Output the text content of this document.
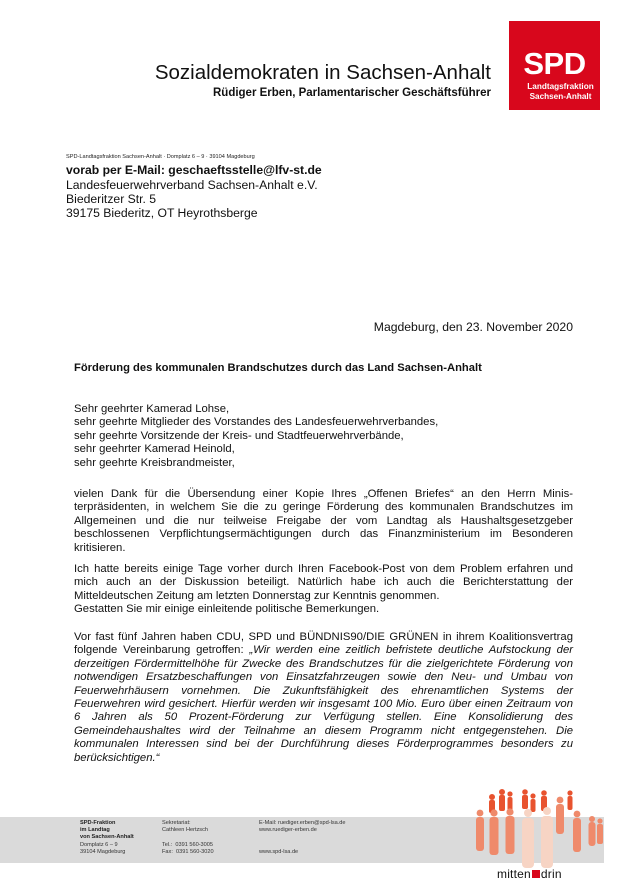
Sozialdemokraten in Sachsen-Anhalt
Rüdiger Erben, Parlamentarischer Geschäftsführer
SPD
Landtagsfraktion
Sachsen-Anhalt
SPD-Landtagsfraktion Sachsen-Anhalt · Domplatz 6 – 9 · 39104 Magdeburg
vorab per E-Mail: geschaeftsstelle@lfv-st.de
Landesfeuerwehrverband Sachsen-Anhalt e.V.
Biederitzer Str. 5
39175 Biederitz, OT Heyrothsberge
Magdeburg, den 23. November 2020
Förderung des kommunalen Brandschutzes durch das Land Sachsen-Anhalt
Sehr geehrter Kamerad Lohse,
sehr geehrte Mitglieder des Vorstandes des Landesfeuerwehrverbandes,
sehr geehrte Vorsitzende der Kreis- und Stadtfeuerwehrverbände,
sehr geehrter Kamerad Heinold,
sehr geehrte Kreisbrandmeister,
vielen Dank für die Übersendung einer Kopie Ihres „Offenen Briefes“ an den Herrn Ministerpräsidenten, in welchem Sie die zu geringe Förderung des kommunalen Brandschutzes im Allgemeinen und die nur teilweise Freigabe der vom Landtag als Haushaltsgesetzgeber beschlossenen Verpflichtungsermächtigungen durch das Finanzministerium im Besonderen kritisieren.
Ich hatte bereits einige Tage vorher durch Ihren Facebook-Post von dem Problem erfahren und mich auch an der Diskussion beteiligt. Natürlich habe ich auch die Berichterstattung der Mitteldeutschen Zeitung am letzten Donnerstag zur Kenntnis genommen.
Gestatten Sie mir einige einleitende politische Bemerkungen.
Vor fast fünf Jahren haben CDU, SPD und BÜNDNIS90/DIE GRÜNEN in ihrem Koalitionsvertrag folgende Vereinbarung getroffen: „Wir werden eine zeitlich befristete deutliche Aufstockung der derzeitigen Fördermittelhöhe für Zwecke des Brandschutzes für die zielgerichtete Förderung von notwendigen Ersatzbeschaffungen von Einsatzfahrzeugen sowie den Neu- und Umbau von Feuerwehrhäusern vornehmen. Die Zukunftsfähigkeit des ehrenamtlichen Systems der Feuerwehren wird gesichert. Hierfür werden wir insgesamt 100 Mio. Euro über einen Zeitraum von 6 Jahren als 50 Prozent-Förderung zur Verfügung stellen. Eine Konsolidierung des Gemeindehaushaltes wird der Teilnahme an diesem Programm nicht entgegenstehen. Die kommunalen Interessen sind bei der Durchführung dieses Förderprogrammes besonders zu berücksichtigen.“
SPD-Fraktion
im Landtag
von Sachsen-Anhalt
Domplatz 6 – 9
39104 Magdeburg
Sekretariat:
Cathleen Hertzsch

Tel.:  0391 560-3005
Fax:  0391 560-3020
E-Mail: ruediger.erben@spd-lsa.de
www.ruediger-erben.de

www.spd-lsa.de
mitten drin
